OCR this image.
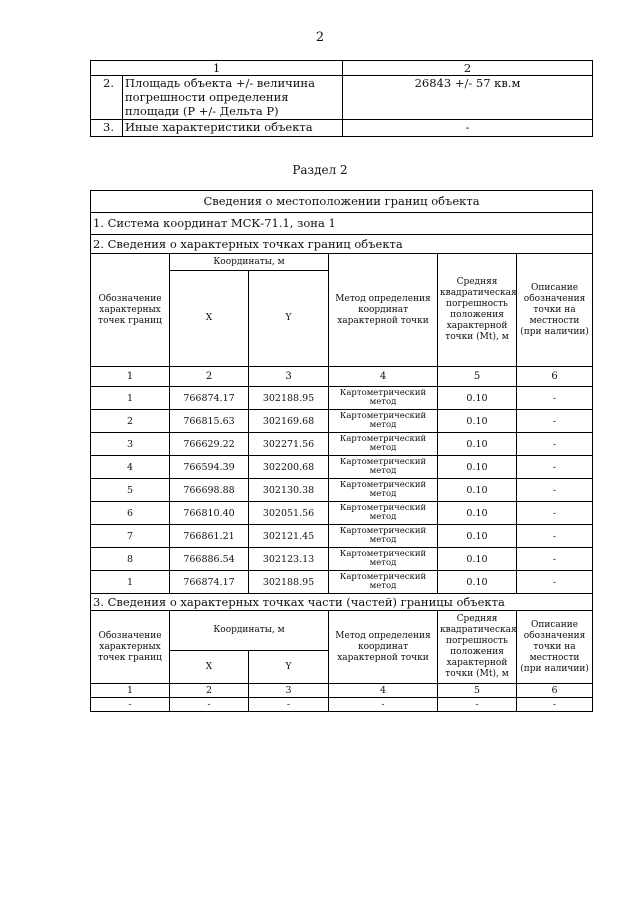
2
1		2
2.	Площадь объекта +/- величина погрешности определения площади (P +/- Дельта P)	26843 +/- 57 кв.м
3.	Иные характеристики объекта	-
Раздел 2
Сведения о местоположении границ объекта					
1. Система координат МСК-71.1, зона 1					
2. Сведения о характерных точках границ объекта					
Обозначение характерных точек границ	Координаты, м		Метод определения координат характерной точки	Средняя квадратическая погрешность положения характерной точки (Mt), м	Описание обозначения точки на местности (при наличии)
	X	Y			
1	2	3	4	5	6
1	766874.17	302188.95	Картометрический метод	0.10	-
2	766815.63	302169.68	Картометрический метод	0.10	-
3	766629.22	302271.56	Картометрический метод	0.10	-
4	766594.39	302200.68	Картометрический метод	0.10	-
5	766698.88	302130.38	Картометрический метод	0.10	-
6	766810.40	302051.56	Картометрический метод	0.10	-
7	766861.21	302121.45	Картометрический метод	0.10	-
8	766886.54	302123.13	Картометрический метод	0.10	-
1	766874.17	302188.95	Картометрический метод	0.10	-
3. Сведения о характерных точках части (частей) границы объекта					
Обозначение характерных точек границ	Координаты, м		Метод определения координат характерной точки	Средняя квадратическая погрешность положения характерной точки (Mt), м	Описание обозначения точки на местности (при наличии)
	X	Y			
1	2	3	4	5	6
-	-	-	-	-	-
